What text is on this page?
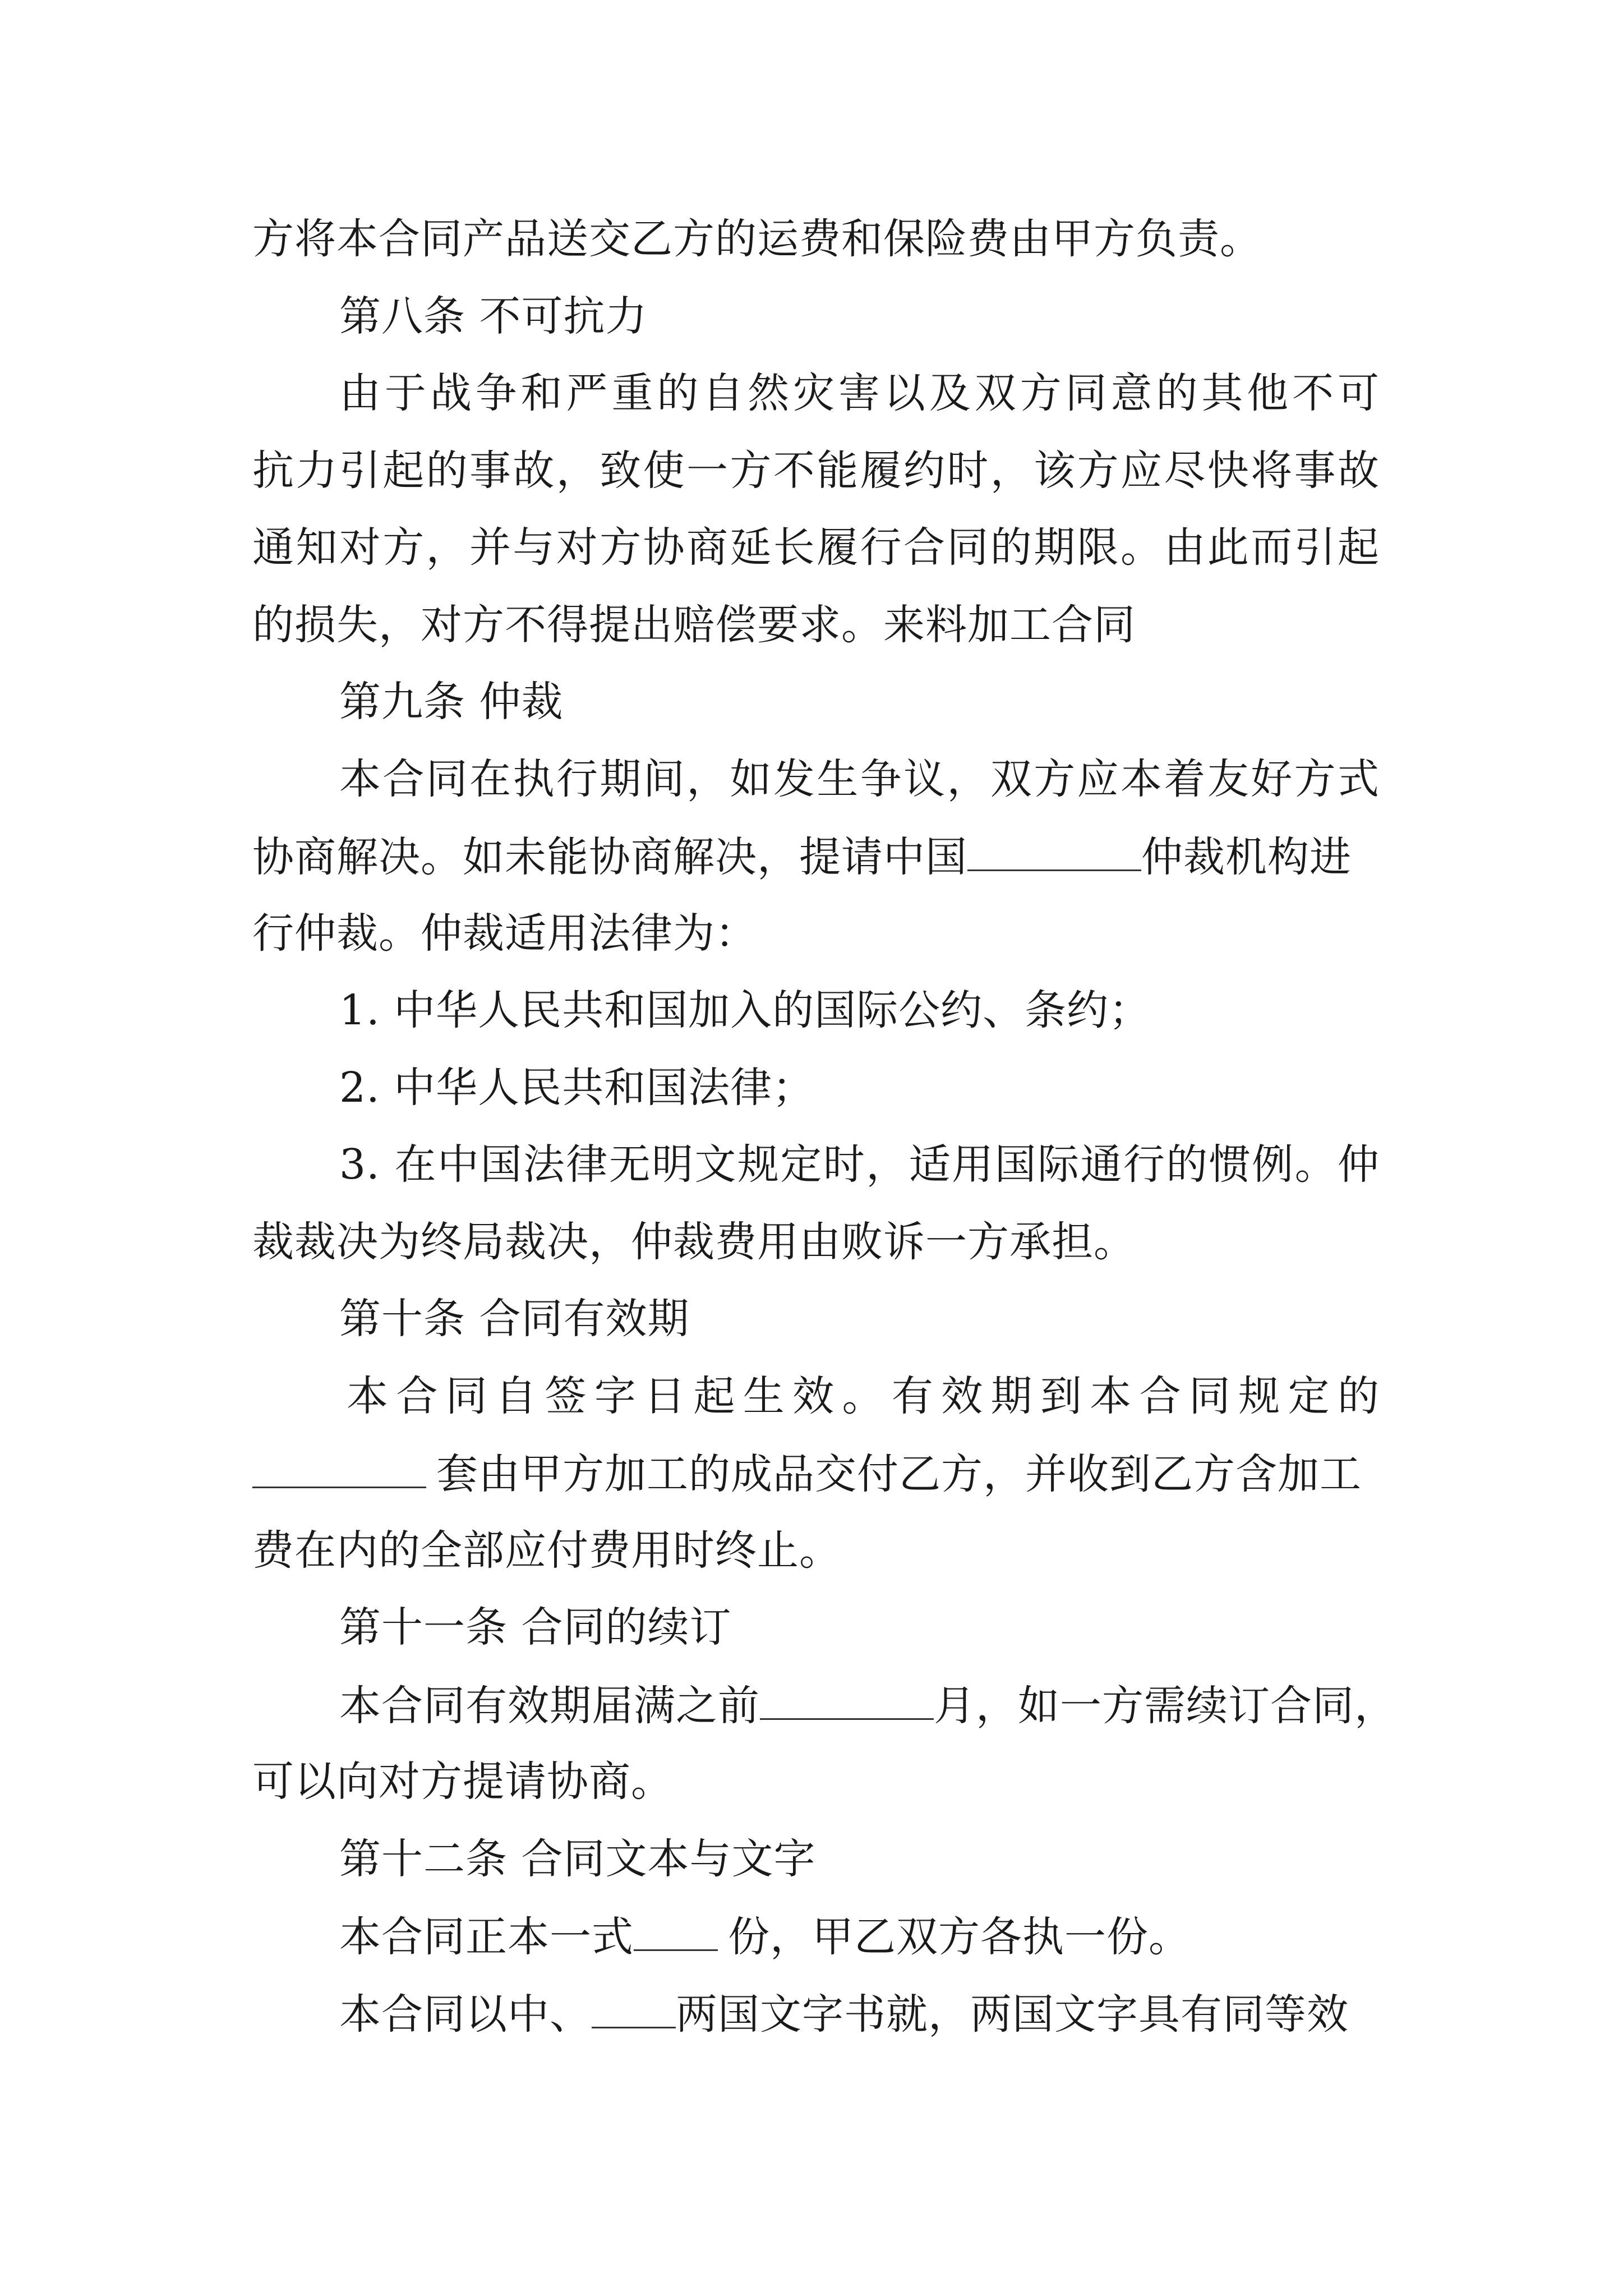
方将本合同产品送交乙方的运费和保险费由甲方负责。
第八条 不可抗力
由于战争和严重的自然灾害以及双方同意的其他不可
抗力引起的事故，致使一方不能履约时，该方应尽快将事故
通知对方，并与对方协商延长履行合同的期限。由此而引起
的损失，对方不得提出赔偿要求。来料加工合同
第九条 仲裁
本合同在执行期间，如发生争议，双方应本着友好方式
协商解决。如未能协商解决，提请中国	仲裁机构进
行仲裁。仲裁适用法律为：
1. 中华人民共和国加入的国际公约、条约；
2. 中华人民共和国法律；
3. 在中国法律无明文规定时，适用国际通行的惯例。仲
裁裁决为终局裁决，仲裁费用由败诉一方承担。
第十条 合同有效期
本合同自签字日起生效。有效期到本合同规定的
套由甲方加工的成品交付乙方，并收到乙方含加工
费在内的全部应付费用时终止。
第十一条 合同的续订
本合同有效期届满之前	月，如一方需续订合同，
可以向对方提请协商。
第十二条 合同文本与文字
本合同正本一式 份，甲乙双方各执一份。
本合同以中、 两国文字书就，两国文字具有同等效
